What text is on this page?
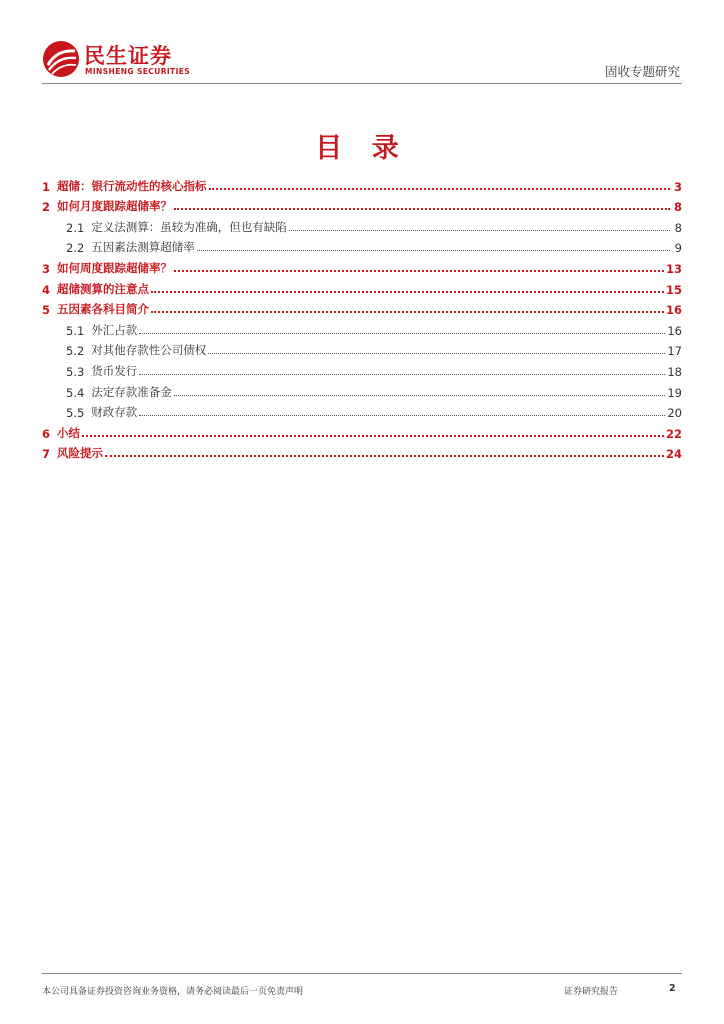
民生证券
MINSHENG SECURITIES	固收专题研究
目 录
1 超储：银行流动性的核心指标	3
2 如何月度跟踪超储率？	8
2.1 定义法测算：虽较为准确，但也有缺陷	8
2.2 五因素法测算超储率	9
3 如何周度跟踪超储率？	13
4 超储测算的注意点	15
5 五因素各科目简介	16
5.1 外汇占款	16
5.2 对其他存款性公司债权	17
5.3 货币发行	18
5.4 法定存款准备金	19
5.5 财政存款	20
6 小结	22
7 风险提示	24
本公司具备证券投资咨询业务资格，请务必阅读最后一页免责声明	证券研究报告	2
